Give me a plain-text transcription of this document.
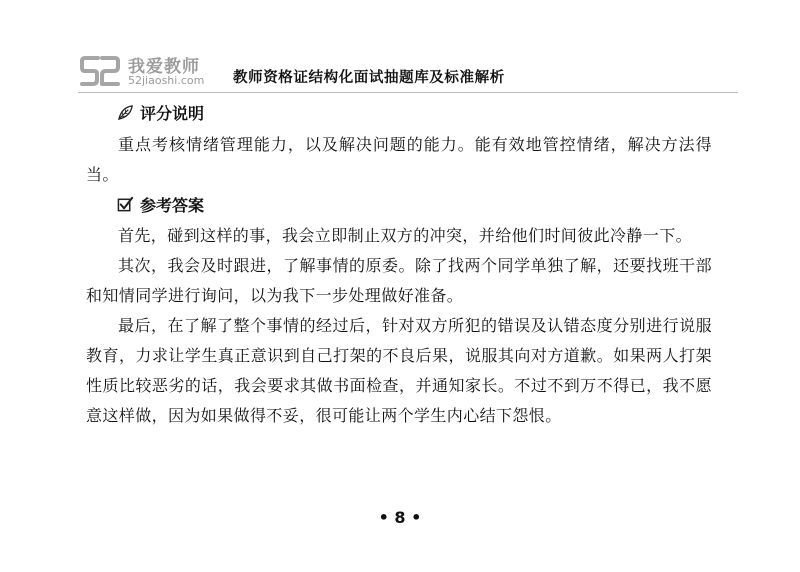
我爱教师
52jiaoshi.com 教师资格证结构化面试抽题库及标准解析
评分说明

重点考核情绪管理能力，以及解决问题的能力。能有效地管控情绪，解决方法得当。

参考答案

首先，碰到这样的事，我会立即制止双方的冲突，并给他们时间彼此冷静一下。

其次，我会及时跟进，了解事情的原委。除了找两个同学单独了解，还要找班干部和知情同学进行询问，以为我下一步处理做好准备。

最后，在了解了整个事情的经过后，针对双方所犯的错误及认错态度分别进行说服教育，力求让学生真正意识到自己打架的不良后果，说服其向对方道歉。如果两人打架性质比较恶劣的话，我会要求其做书面检查，并通知家长。不过不到万不得已，我不愿意这样做，因为如果做得不妥，很可能让两个学生内心结下怨恨。

• 8 •
